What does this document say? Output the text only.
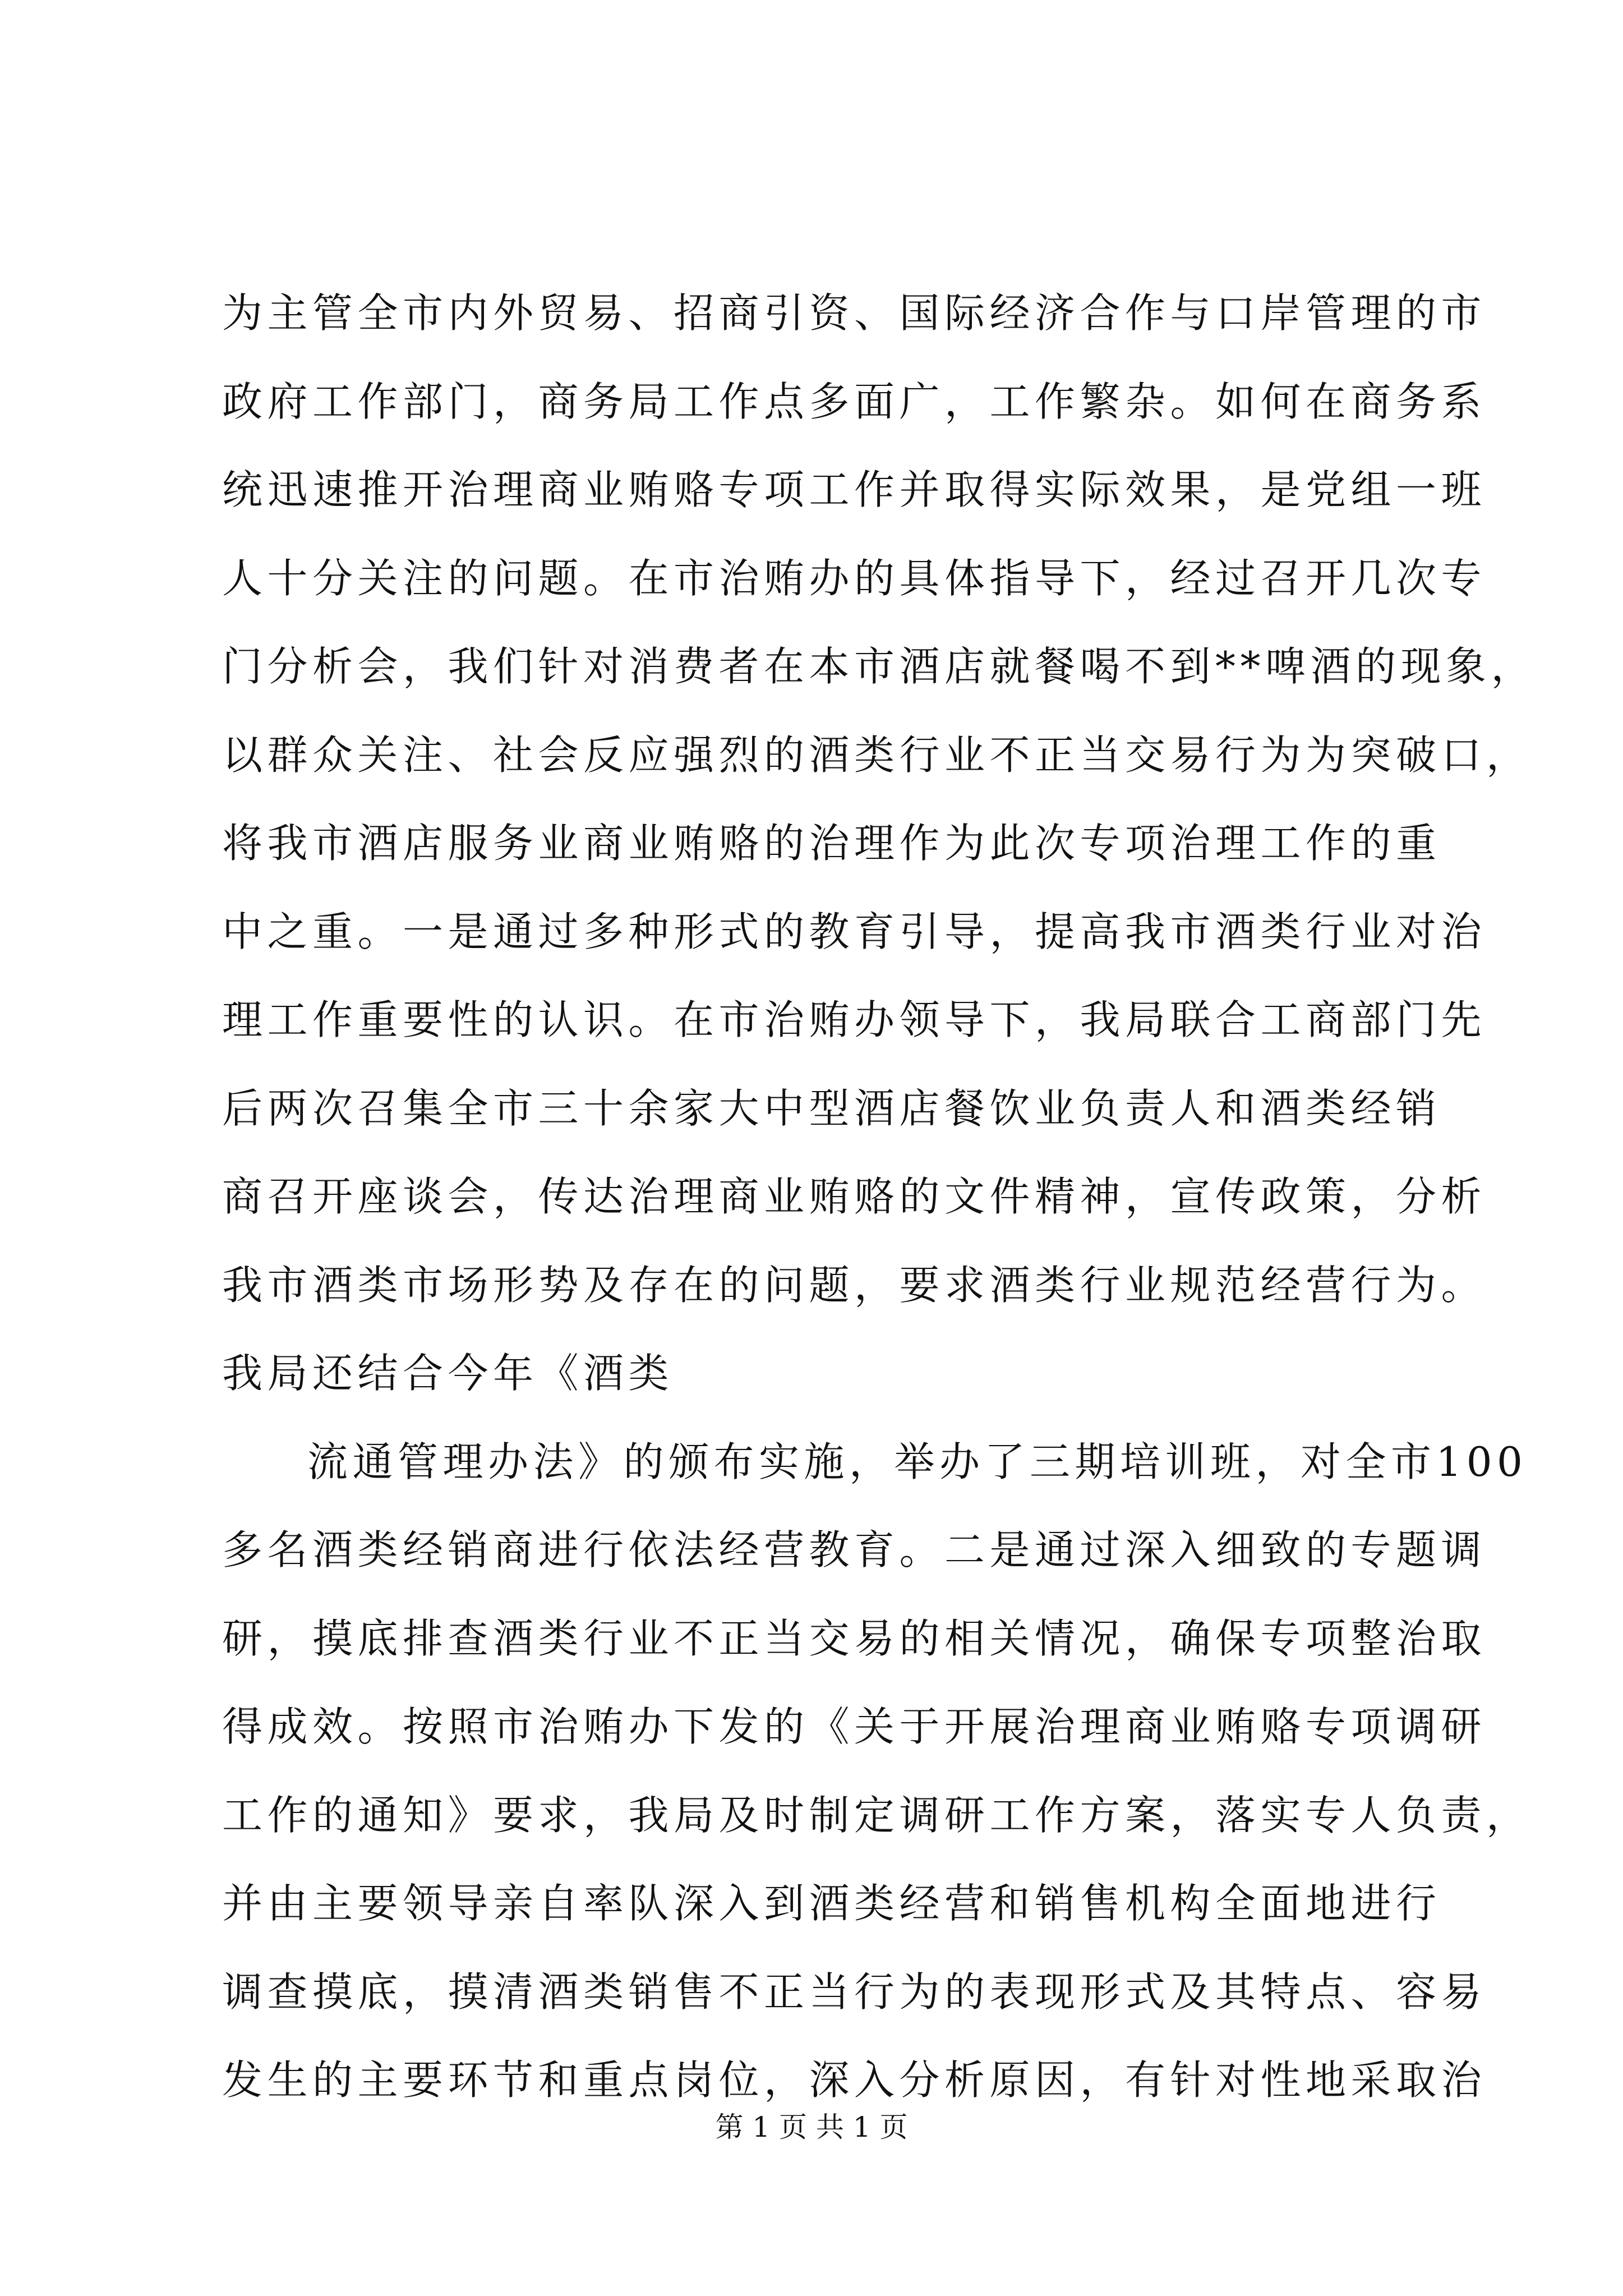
为主管全市内外贸易、招商引资、国际经济合作与口岸管理的市
政府工作部门，商务局工作点多面广，工作繁杂。如何在商务系
统迅速推开治理商业贿赂专项工作并取得实际效果，是党组一班
人十分关注的问题。在市治贿办的具体指导下，经过召开几次专
门分析会，我们针对消费者在本市酒店就餐喝不到**啤酒的现象，
以群众关注、社会反应强烈的酒类行业不正当交易行为为突破口，
将我市酒店服务业商业贿赂的治理作为此次专项治理工作的重
中之重。一是通过多种形式的教育引导，提高我市酒类行业对治
理工作重要性的认识。在市治贿办领导下，我局联合工商部门先
后两次召集全市三十余家大中型酒店餐饮业负责人和酒类经销
商召开座谈会，传达治理商业贿赂的文件精神，宣传政策，分析
我市酒类市场形势及存在的问题，要求酒类行业规范经营行为。
我局还结合今年《酒类
流通管理办法》的颁布实施，举办了三期培训班，对全市100
多名酒类经销商进行依法经营教育。二是通过深入细致的专题调
研，摸底排查酒类行业不正当交易的相关情况，确保专项整治取
得成效。按照市治贿办下发的《关于开展治理商业贿赂专项调研
工作的通知》要求，我局及时制定调研工作方案，落实专人负责，
并由主要领导亲自率队深入到酒类经营和销售机构全面地进行
调查摸底，摸清酒类销售不正当行为的表现形式及其特点、容易
发生的主要环节和重点岗位，深入分析原因，有针对性地采取治
第 1 页 共 1 页
